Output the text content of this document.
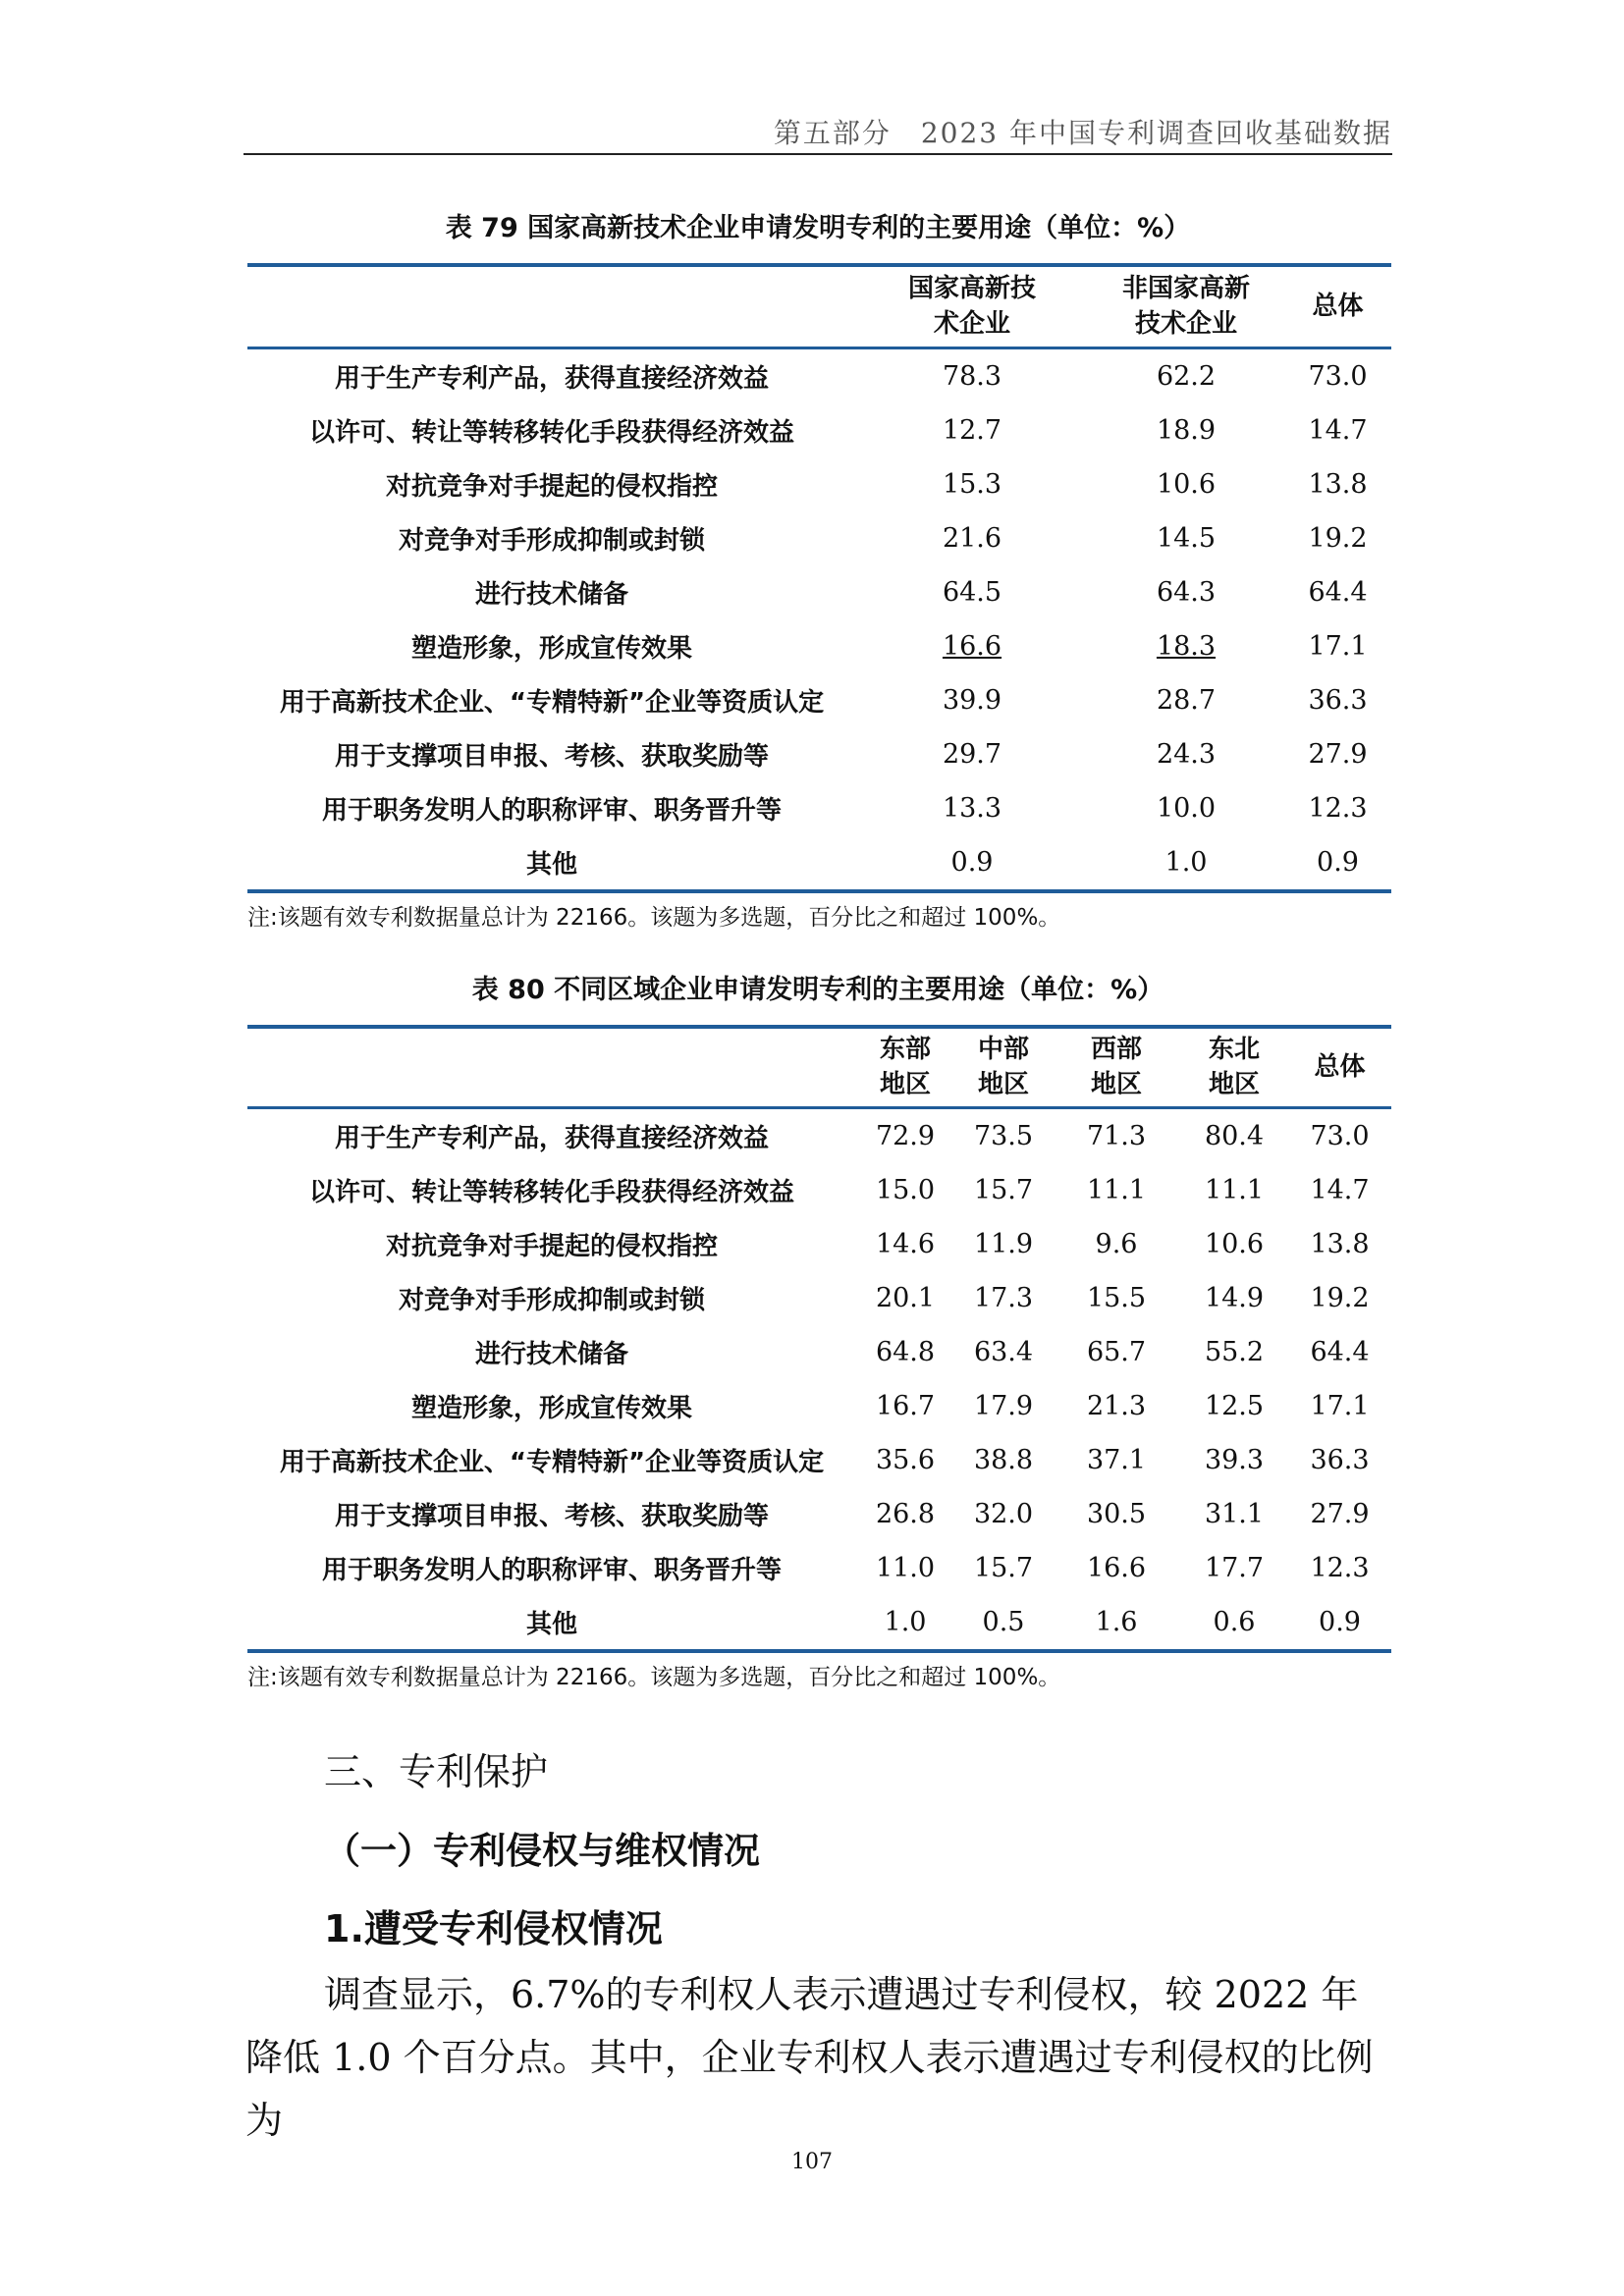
第五部分　2023 年中国专利调查回收基础数据
表 79 国家高新技术企业申请发明专利的主要用途（单位：%）
	国家高新技术企业	非国家高新技术企业	总体
用于生产专利产品，获得直接经济效益	78.3	62.2	73.0
以许可、转让等转移转化手段获得经济效益	12.7	18.9	14.7
对抗竞争对手提起的侵权指控	15.3	10.6	13.8
对竞争对手形成抑制或封锁	21.6	14.5	19.2
进行技术储备	64.5	64.3	64.4
塑造形象，形成宣传效果	16.6	18.3	17.1
用于高新技术企业、“专精特新”企业等资质认定	39.9	28.7	36.3
用于支撑项目申报、考核、获取奖励等	29.7	24.3	27.9
用于职务发明人的职称评审、职务晋升等	13.3	10.0	12.3
其他	0.9	1.0	0.9
注:该题有效专利数据量总计为 22166。该题为多选题，百分比之和超过 100%。
表 80 不同区域企业申请发明专利的主要用途（单位：%）
	东部地区	中部地区	西部地区	东北地区	总体
用于生产专利产品，获得直接经济效益	72.9	73.5	71.3	80.4	73.0
以许可、转让等转移转化手段获得经济效益	15.0	15.7	11.1	11.1	14.7
对抗竞争对手提起的侵权指控	14.6	11.9	9.6	10.6	13.8
对竞争对手形成抑制或封锁	20.1	17.3	15.5	14.9	19.2
进行技术储备	64.8	63.4	65.7	55.2	64.4
塑造形象，形成宣传效果	16.7	17.9	21.3	12.5	17.1
用于高新技术企业、“专精特新”企业等资质认定	35.6	38.8	37.1	39.3	36.3
用于支撑项目申报、考核、获取奖励等	26.8	32.0	30.5	31.1	27.9
用于职务发明人的职称评审、职务晋升等	11.0	15.7	16.6	17.7	12.3
其他	1.0	0.5	1.6	0.6	0.9
注:该题有效专利数据量总计为 22166。该题为多选题，百分比之和超过 100%。
三、专利保护
（一）专利侵权与维权情况
1.遭受专利侵权情况
调查显示，6.7%的专利权人表示遭遇过专利侵权，较 2022 年降低 1.0 个百分点。其中，企业专利权人表示遭遇过专利侵权的比例为
107
